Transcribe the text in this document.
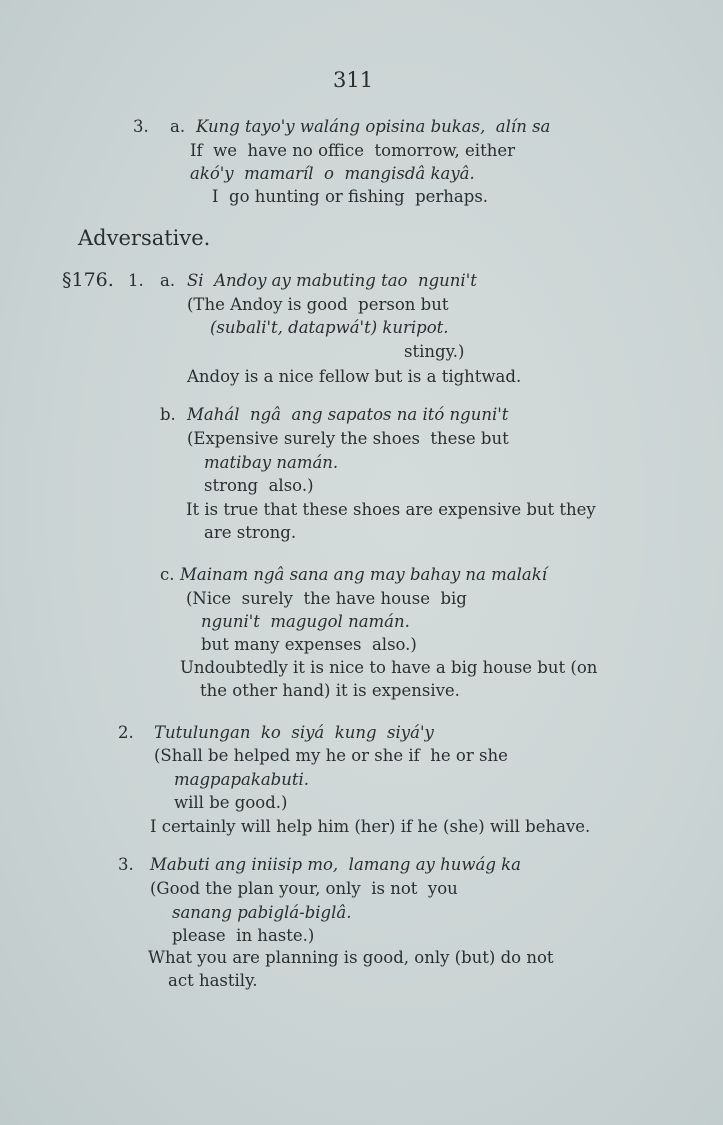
311
3. a. Kung tayo'y waláng opisina bukas,  alín sa
If  we  have no office  tomorrow, either
akó'y  mamaríl  o  mangisdâ kayâ.
I  go hunting or fishing  perhaps.
Adversative.
§176. 1. a. Si  Andoy ay mabuting tao  nguni't
(The Andoy is good  person but
(subali't, datapwá't) kuripot.
stingy.)
Andoy is a nice fellow but is a tightwad.
b. Mahál  ngâ  ang sapatos na itó nguni't
(Expensive surely the shoes  these but
matibay namán.
strong  also.)
It is true that these shoes are expensive but they
are strong.
c. Mainam ngâ sana ang may bahay na malakí
(Nice  surely  the have house  big
nguni't  magugol namán.
but many expenses  also.)
Undoubtedly it is nice to have a big house but (on
the other hand) it is expensive.
2. Tutulungan  ko  siyá  kung  siyá'y
(Shall be helped my he or she if  he or she
magpapakabuti.
will be good.)
I certainly will help him (her) if he (she) will behave.
3. Mabuti ang iniisip mo,  lamang ay huwág ka
(Good the plan your, only  is not  you
sanang pabiglá-biglâ.
please  in haste.)
What you are planning is good, only (but) do not
act hastily.
